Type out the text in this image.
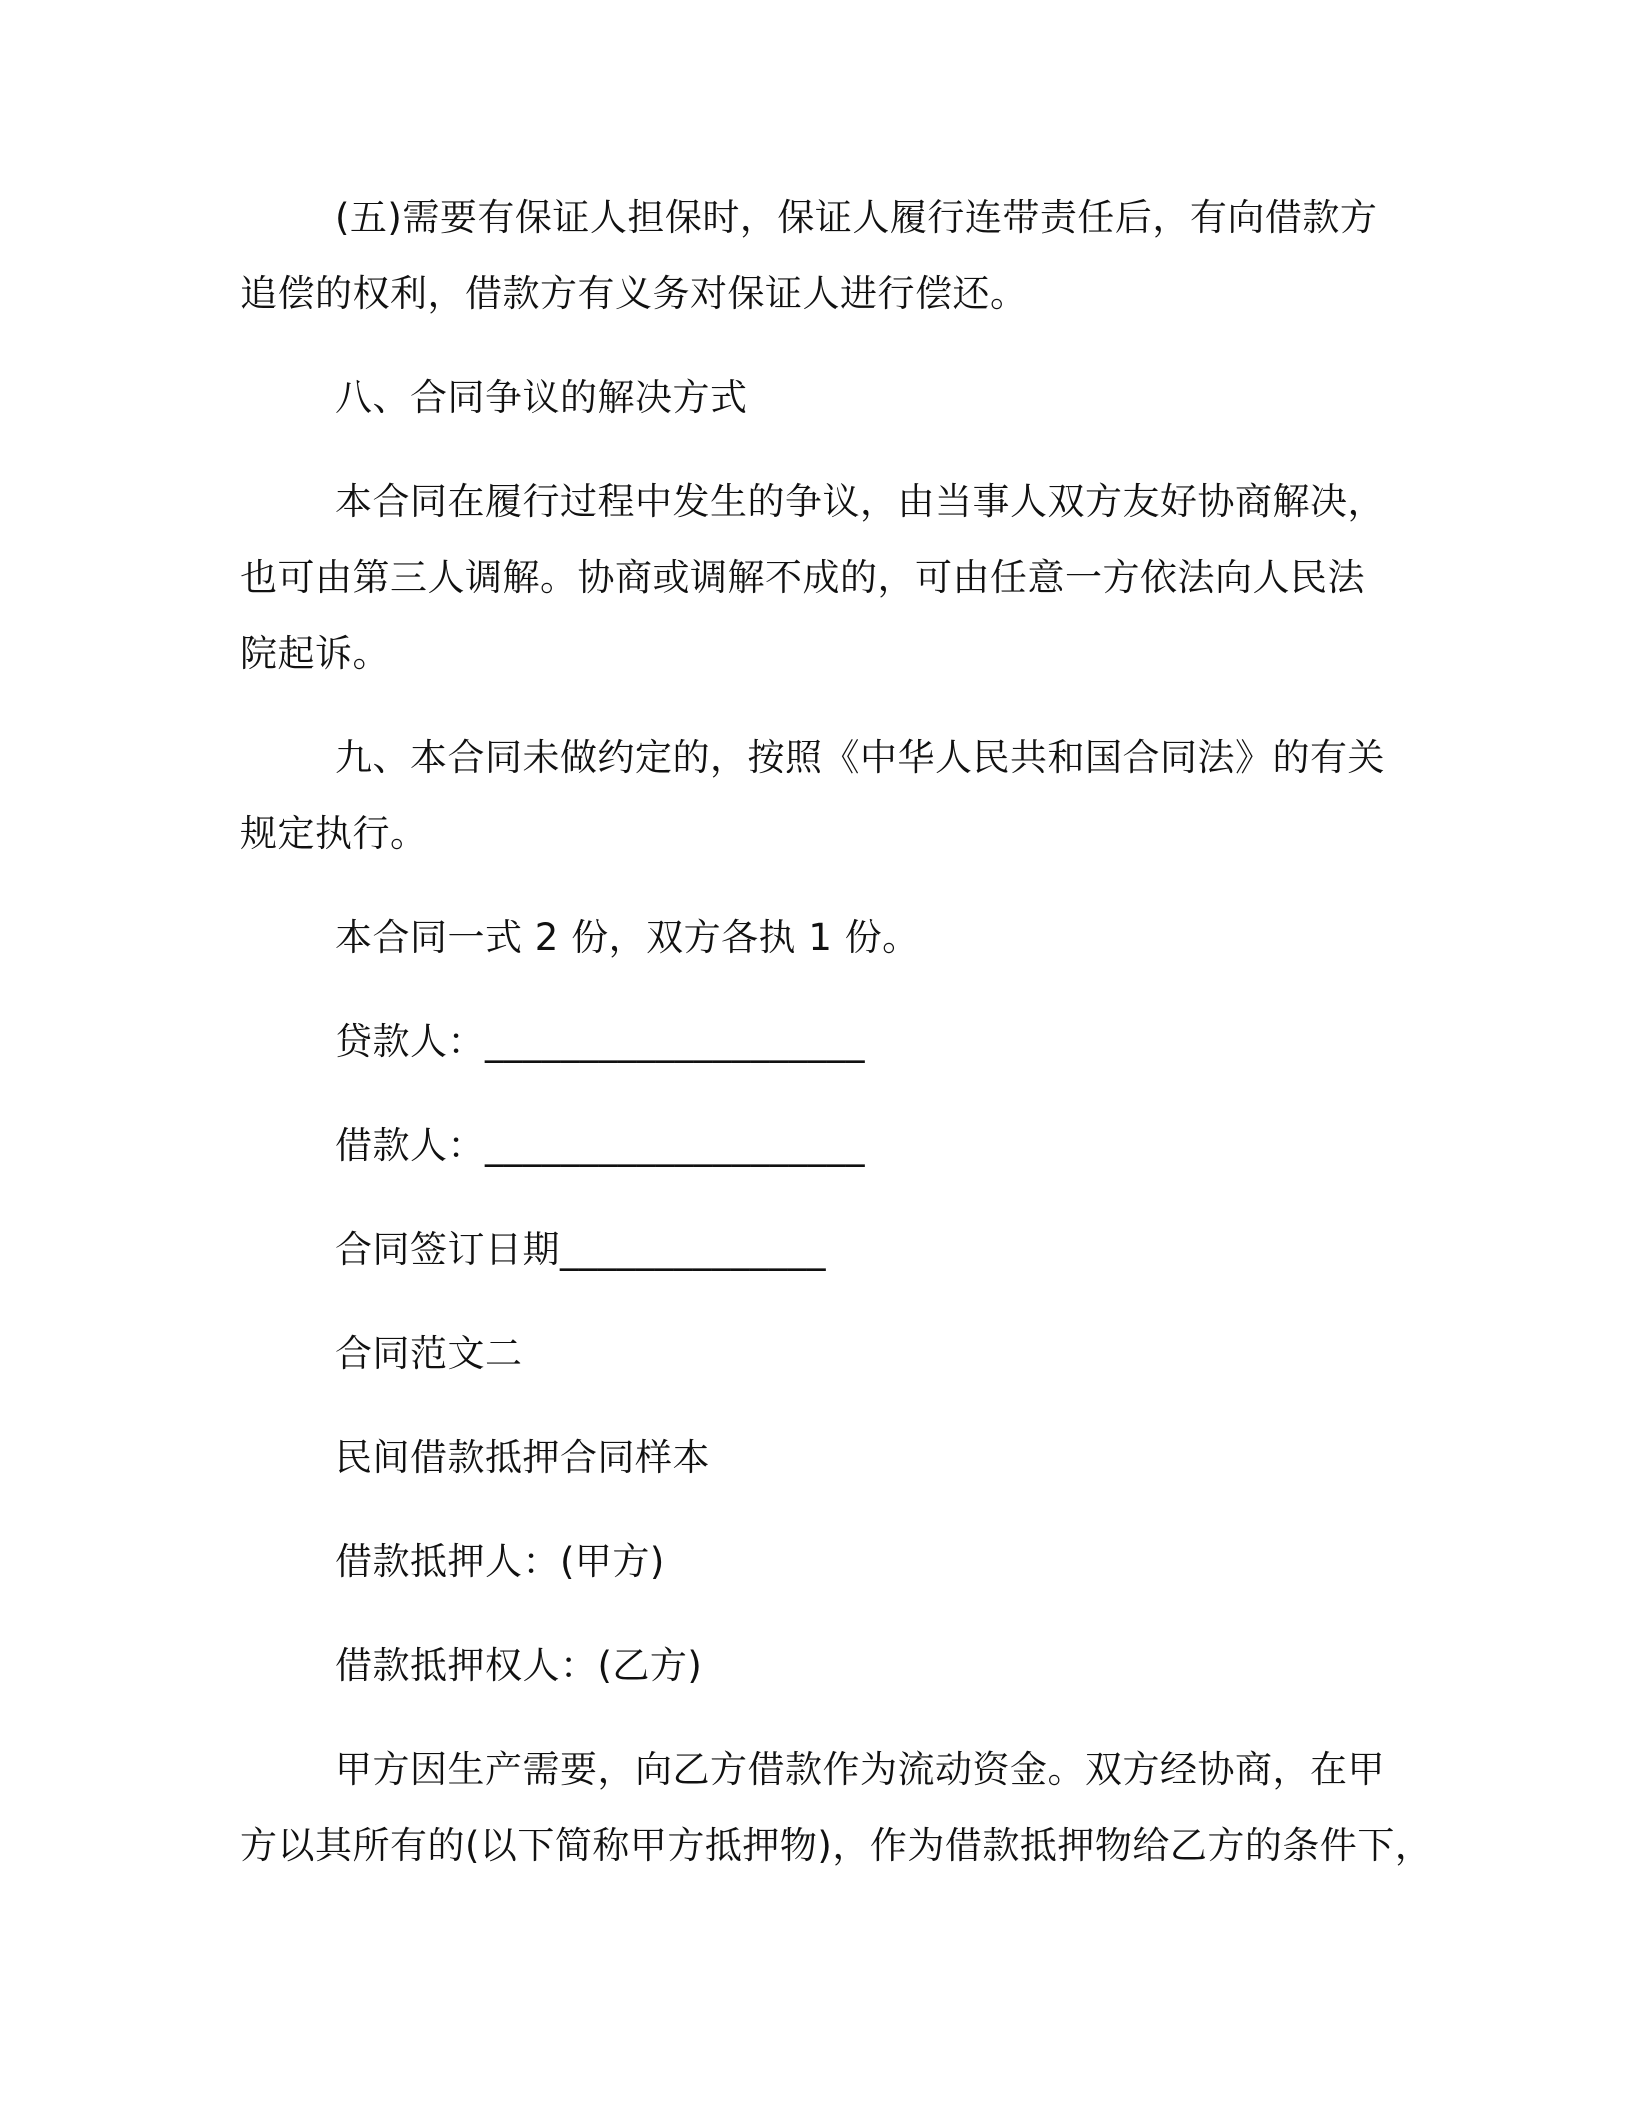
(五)需要有保证人担保时，保证人履行连带责任后，有向借款方
追偿的权利，借款方有义务对保证人进行偿还。
八、合同争议的解决方式
本合同在履行过程中发生的争议，由当事人双方友好协商解决，
也可由第三人调解。协商或调解不成的，可由任意一方依法向人民法
院起诉。
九、本合同未做约定的，按照《中华人民共和国合同法》的有关
规定执行。
本合同一式 2 份，双方各执 1 份。
贷款人：____________________
借款人：____________________
合同签订日期______________
合同范文二
民间借款抵押合同样本
借款抵押人：(甲方)
借款抵押权人：(乙方)
甲方因生产需要，向乙方借款作为流动资金。双方经协商，在甲
方以其所有的(以下简称甲方抵押物)，作为借款抵押物给乙方的条件下，
